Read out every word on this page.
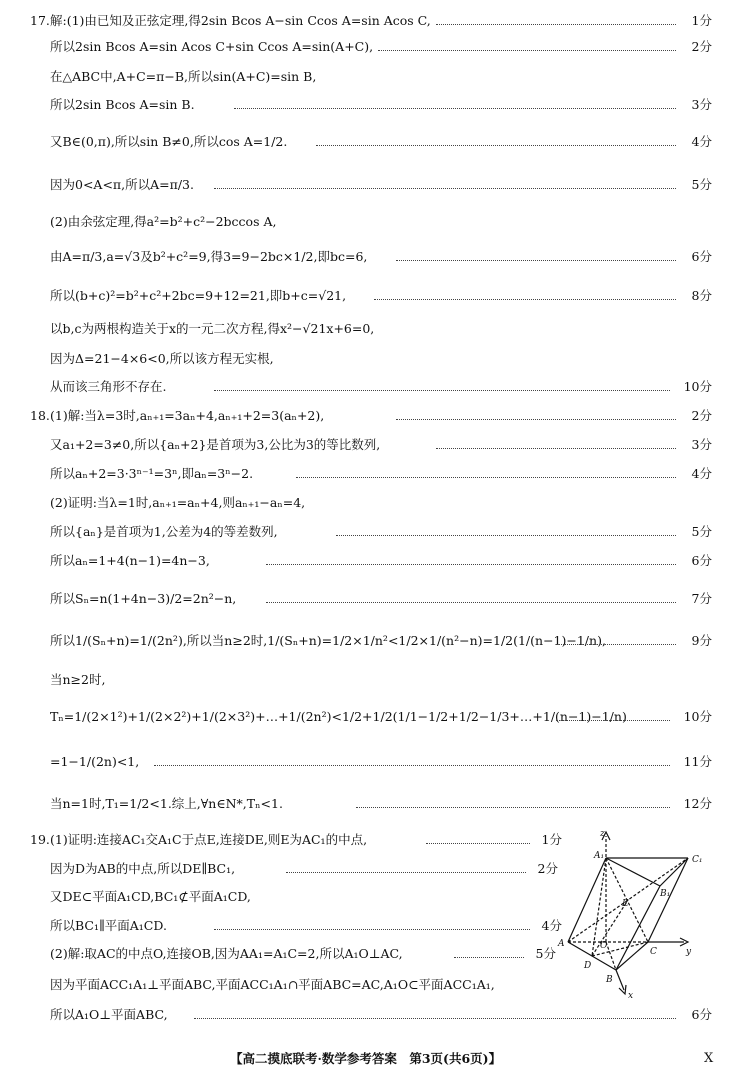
17. 解:(1)由已知及正弦定理,得2sin Bcos A−sin Ccos A=sin Acos C,	1分
所以2sin Bcos A=sin Acos C+sin Ccos A=sin(A+C),	2分
在△ABC中,A+C=π−B,所以sin(A+C)=sin B,
所以2sin Bcos A=sin B.	3分
又B∈(0,π),所以sin B≠0,所以cos A=1/2.	4分
因为0<A<π,所以A=π/3.	5分
(2)由余弦定理,得a²=b²+c²−2bccos A,
由A=π/3,a=√3及b²+c²=9,得3=9−2bc×1/2,即bc=6,	6分
所以(b+c)²=b²+c²+2bc=9+12=21,即b+c=√21,	8分
以b,c为两根构造关于x的一元二次方程,得x²−√21x+6=0,
因为Δ=21−4×6<0,所以该方程无实根,
从而该三角形不存在.	10分
18. (1)解:当λ=3时,aₙ₊₁=3aₙ+4,aₙ₊₁+2=3(aₙ+2),	2分
又a₁+2=3≠0,所以{aₙ+2}是首项为3,公比为3的等比数列,	3分
所以aₙ+2=3·3ⁿ⁻¹=3ⁿ,即aₙ=3ⁿ−2.	4分
(2)证明:当λ=1时,aₙ₊₁=aₙ+4,则aₙ₊₁−aₙ=4,
所以{aₙ}是首项为1,公差为4的等差数列,	5分
所以aₙ=1+4(n−1)=4n−3,	6分
所以Sₙ=n(1+4n−3)/2=2n²−n,	7分
所以1/(Sₙ+n)=1/(2n²),所以当n≥2时,1/(Sₙ+n)=1/2×1/n²<1/2×1/(n²−n)=1/2(1/(n−1)−1/n),	9分
当n≥2时,
Tₙ=1/(2×1²)+1/(2×2²)+1/(2×3²)+…+1/(2n²)<1/2+1/2(1/1−1/2+1/2−1/3+…+1/(n−1)−1/n)	10分
=1−1/(2n)<1,	11分
当n=1时,T₁=1/2<1.综上,∀n∈N*,Tₙ<1.	12分
19. (1)证明:连接AC₁交A₁C于点E,连接DE,则E为AC₁的中点,	1分
因为D为AB的中点,所以DE∥BC₁,	2分
又DE⊂平面A₁CD,BC₁⊄平面A₁CD,
所以BC₁∥平面A₁CD.	4分
(2)解:取AC的中点O,连接OB,因为AA₁=A₁C=2,所以A₁O⊥AC,	5分
因为平面ACC₁A₁⊥平面ABC,平面ACC₁A₁∩平面ABC=AC,A₁O⊂平面ACC₁A₁,
所以A₁O⊥平面ABC,	6分
z
A₁	C₁
B₁
E
A	O
C	y
D
B
x
【高二摸底联考·数学参考答案　第3页(共6页)】	X
